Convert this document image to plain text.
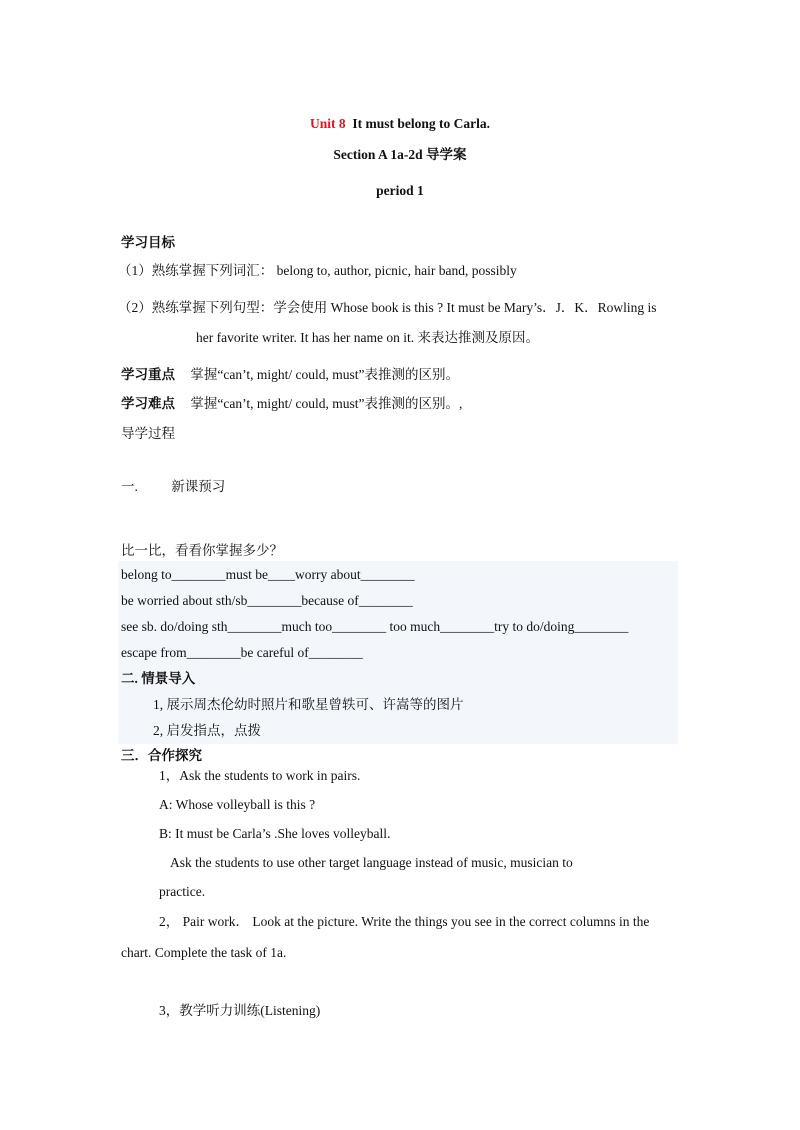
Unit 8 It must belong to Carla.
Section A 1a-2d 导学案
period 1
学习目标
（1）熟练掌握下列词汇： belong to, author, picnic, hair band, possibly
（2）熟练掌握下列句型：学会使用 Whose book is this ? It must be Mary’s．J．K．Rowling is
her favorite writer. It has her name on it. 来表达推测及原因。
学习重点 掌握“can’t, might/ could, must”表推测的区别。
学习难点 掌握“can’t, might/ could, must”表推测的区别。,
导学过程
一. 新课预习
比一比，看看你掌握多少？
belong to________must be____worry about________
be worried about sth/sb________because of________
see sb. do/doing sth________much too________ too much________try to do/doing________
escape from________be careful of________
二. 情景导入
1, 展示周杰伦幼时照片和歌星曾轶可、许嵩等的图片
2, 启发指点，点拨
三．合作探究
1，Ask the students to work in pairs.
A: Whose volleyball is this ?
B: It must be Carla’s .She loves volleyball.
Ask the students to use other target language instead of music, musician to
practice.
2， Pair work． Look at the picture. Write the things you see in the correct columns in the
chart. Complete the task of 1a.
3，教学听力训练(Listening)
